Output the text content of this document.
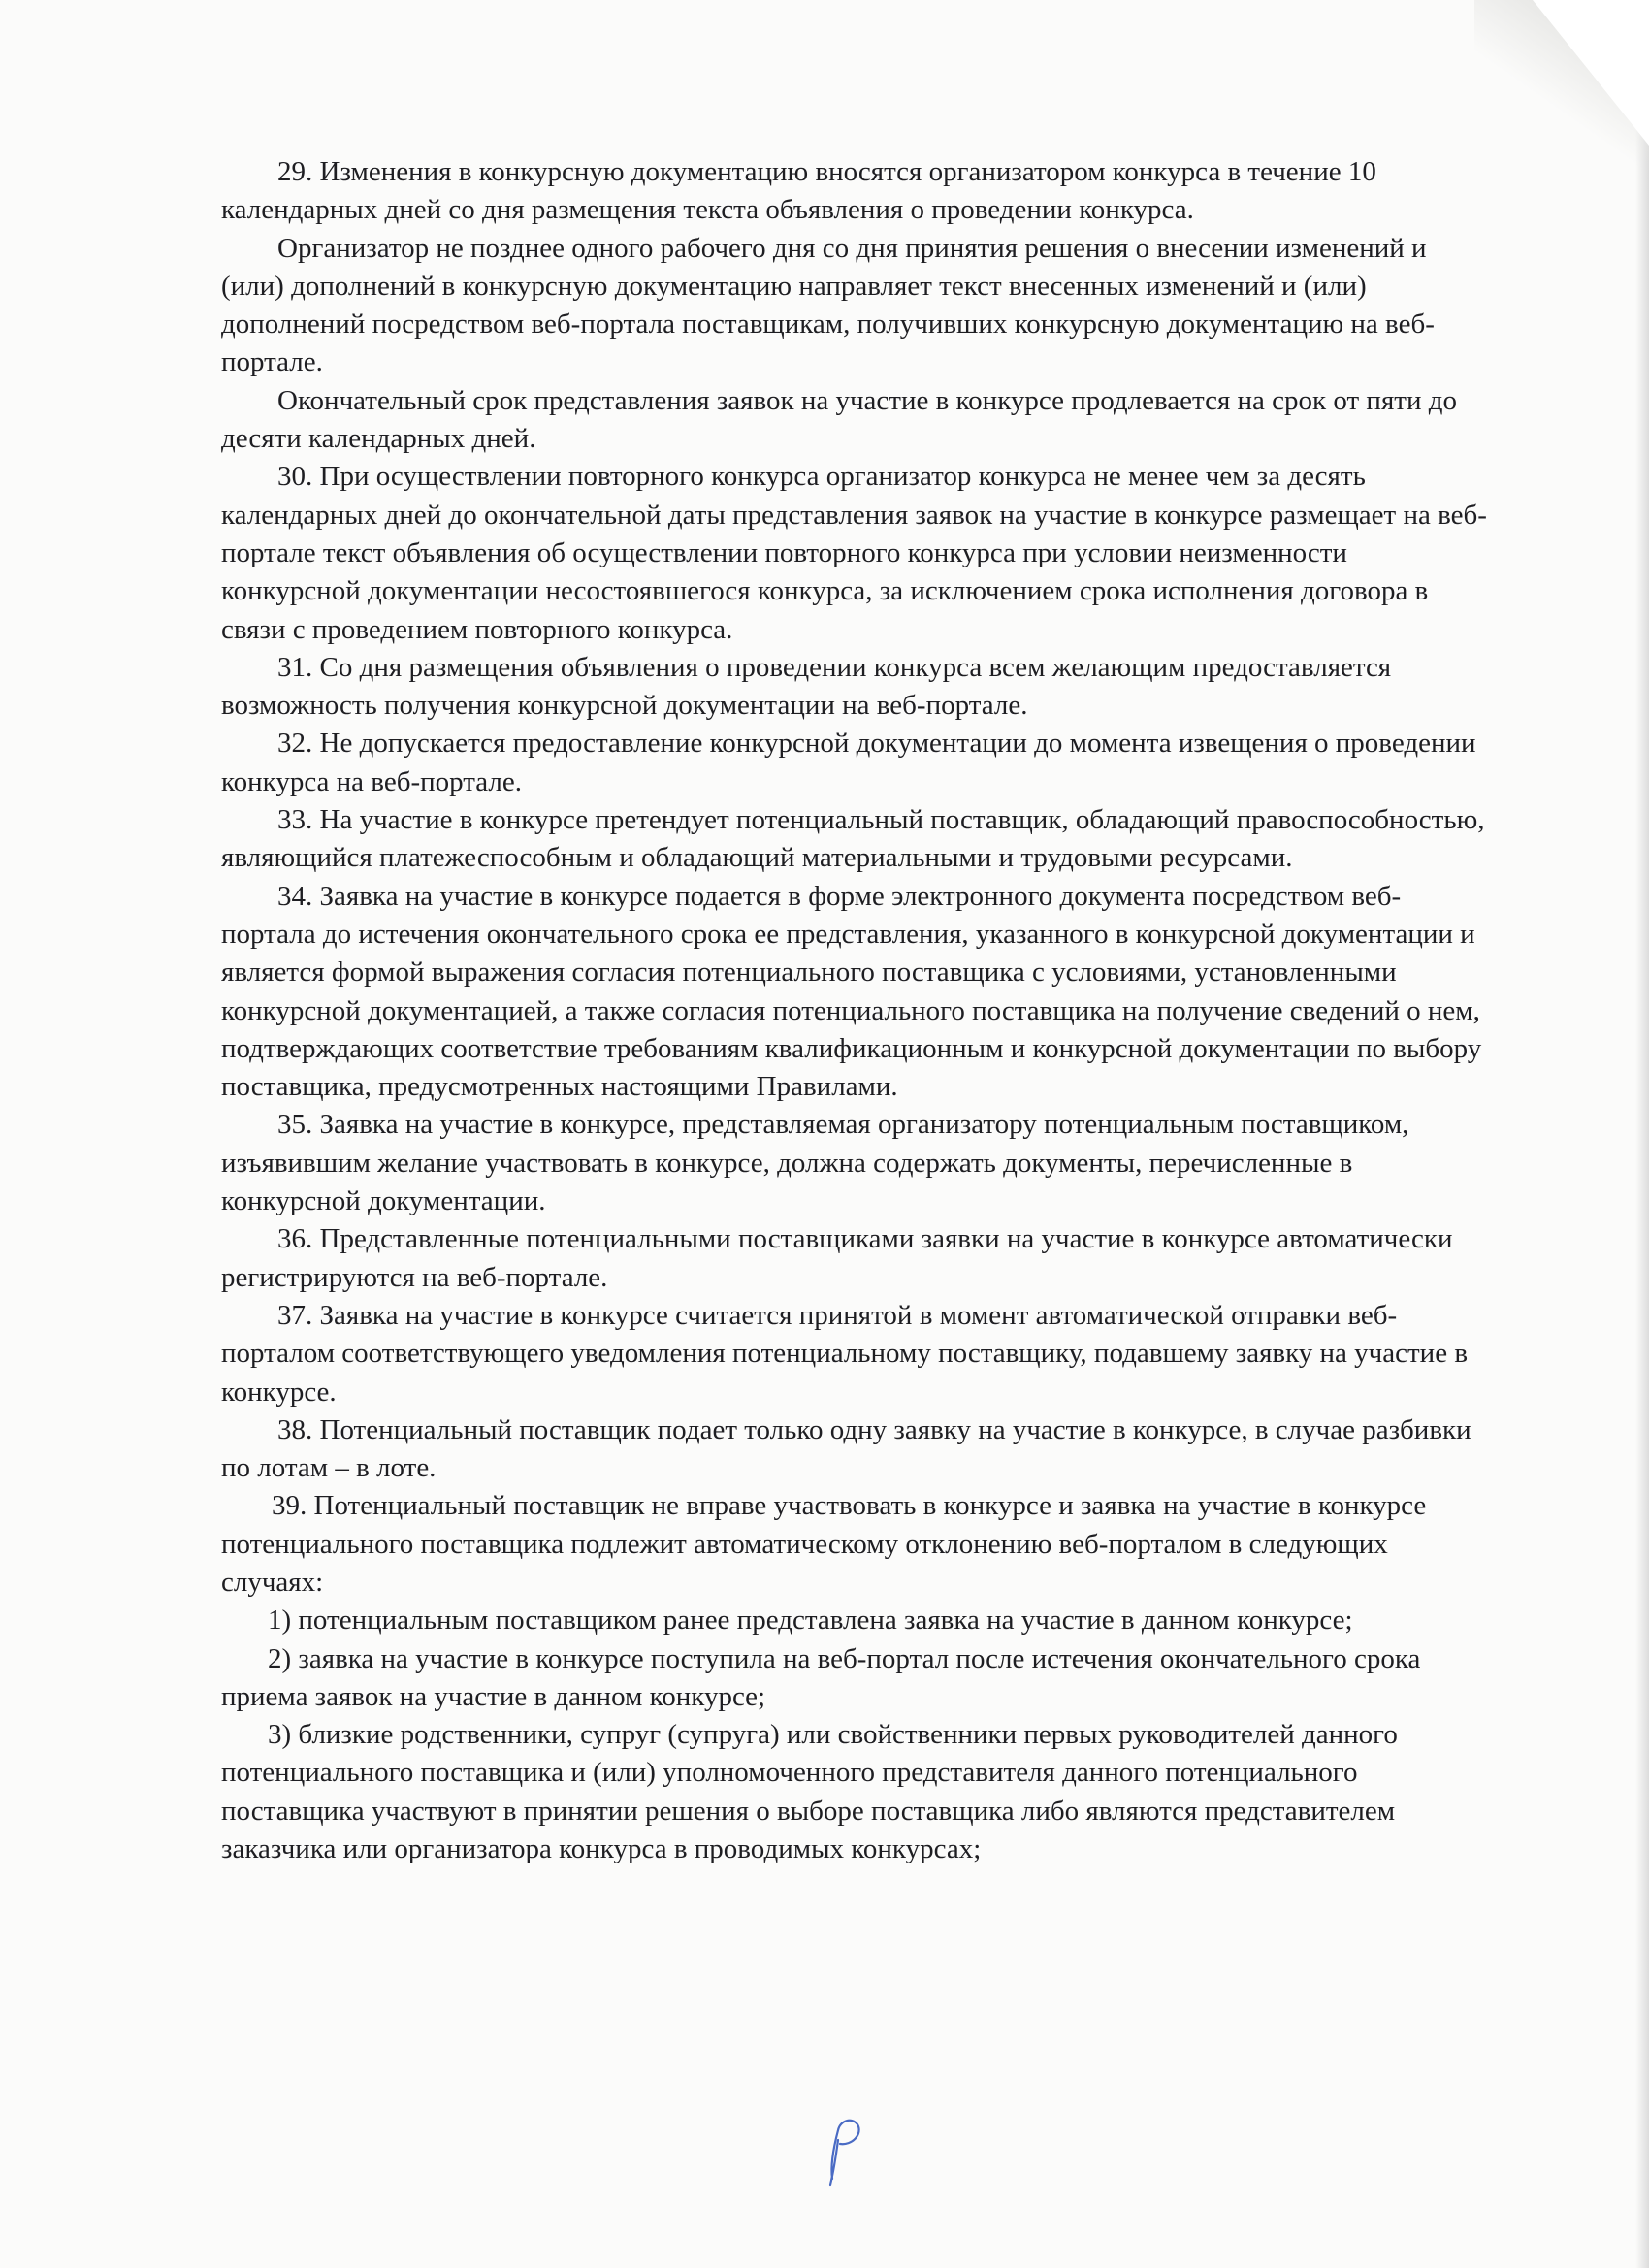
29. Изменения в конкурсную документацию вносятся организатором конкурса в течение 10 календарных дней со дня размещения текста объявления о проведении конкурса.

Организатор не позднее одного рабочего дня со дня принятия решения о внесении изменений и (или) дополнений в конкурсную документацию направляет текст внесенных изменений и (или) дополнений посредством веб-портала поставщикам, получивших конкурсную документацию на веб-портале.

Окончательный срок представления заявок на участие в конкурсе продлевается на срок от пяти до десяти календарных дней.

30. При осуществлении повторного конкурса организатор конкурса не менее чем за десять календарных дней до окончательной даты представления заявок на участие в конкурсе размещает на веб-портале текст объявления об осуществлении повторного конкурса при условии неизменности конкурсной документации несостоявшегося конкурса, за исключением срока исполнения договора в связи с проведением повторного конкурса.

31. Со дня размещения объявления о проведении конкурса всем желающим предоставляется возможность получения конкурсной документации на веб-портале.

32. Не допускается предоставление конкурсной документации до момента извещения о проведении конкурса на веб-портале.

33. На участие в конкурсе претендует потенциальный поставщик, обладающий правоспособностью, являющийся платежеспособным и обладающий материальными и трудовыми ресурсами.

34. Заявка на участие в конкурсе подается в форме электронного документа посредством веб-портала до истечения окончательного срока ее представления, указанного в конкурсной документации и является формой выражения согласия потенциального поставщика с условиями, установленными конкурсной документацией, а также согласия потенциального поставщика на получение сведений о нем, подтверждающих соответствие требованиям квалификационным и конкурсной документации по выбору поставщика, предусмотренных настоящими Правилами.

35. Заявка на участие в конкурсе, представляемая организатору потенциальным поставщиком, изъявившим желание участвовать в конкурсе, должна содержать документы, перечисленные в конкурсной документации.

36. Представленные потенциальными поставщиками заявки на участие в конкурсе автоматически регистрируются на веб-портале.

37. Заявка на участие в конкурсе считается принятой в момент автоматической отправки веб-порталом соответствующего уведомления потенциальному поставщику, подавшему заявку на участие в конкурсе.

38. Потенциальный поставщик подает только одну заявку на участие в конкурсе, в случае разбивки по лотам – в лоте.

39. Потенциальный поставщик не вправе участвовать в конкурсе и заявка на участие в конкурсе потенциального поставщика подлежит автоматическому отклонению веб-порталом в следующих случаях:

1) потенциальным поставщиком ранее представлена заявка на участие в данном конкурсе;

2) заявка на участие в конкурсе поступила на веб-портал после истечения окончательного срока приема заявок на участие в данном конкурсе;

3) близкие родственники, супруг (супруга) или свойственники первых руководителей данного потенциального поставщика и (или) уполномоченного представителя данного потенциального поставщика участвуют в принятии решения о выборе поставщика либо являются представителем заказчика или организатора конкурса в проводимых конкурсах;
